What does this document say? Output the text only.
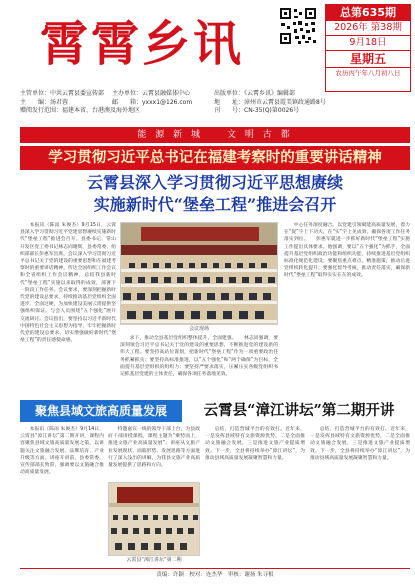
霄霄乡讯
总第635期
2026年 第38期
9月18日
星期五
农历丙午年八月初八日
主管单位：中共云霄县委宣传部	主办单位：云霄县融媒体中心	出版单位：《云霄乡讯》编辑部
主　　编：汤君蓉	邮　　箱：yxxx1@126.com	地　　址：漳州市云霄县霞美镇政通路8号
赠阅发行范围：福建本省、台港澳及海外地区	刊　　号：CN-35(Q)第0026号
能 源 新 城　　文 明 古 都
学习贯彻习近平总书记在福建考察时的重要讲话精神
云霄县深入学习贯彻习近平思想赓续
实施新时代“堡垒工程”推进会召开

本报讯（陈雨 朱俊杰）9月15日，云霄县深入学习贯彻习近平党建思想赓续实施新时代“堡垒工程”推进会召开。县委书记、常山开发区党工委书记林志同谢辉，县委常委、组织部部长彭惠军出席。会议深入学习贯彻习近平总书记关于党的建设的重要思想和在福建考察时的重要讲话精神，传达全国组织工作会议和全省组织工作会议精神，总结我县新时代“堡垒工程”实施以来取得的成效，部署下一阶段工作任务。会议要求，要深刻把握新时代党的建设总要求，持续推动基层党组织全面进步、全面过硬，为加快建设美丽云霄提供坚强组织保证。与会人员围绕“五个强化”展开交流研讨。会议指出，要坚持以习近平新时代中国特色社会主义思想为指导，牢牢把握新时代党的建设总要求，切实增强做好新时代“堡垒工程”的责任感使命感。

会议现场

求下，推动全县基层党组织整体提升，全面建强。　　林志同强调，要深刻领会习近平总书记关于党的建设的重要思想，不断推进党的建设新的伟大工程。要坚持高站位谋划，把新时代“堡垒工程”作为一项重要政治任务抓紧抓实；要坚持高标准推进，以“五个强化”和“两个确保”为目标，全面提升基层党组织的组织力；要坚持严要求落实，压紧压实各级党组织书记抓基层党建的主体责任，确保各项任务落地见效。

中心任务深度融合。以党建引领赋能高质量发展，着力在“促”字上下功夫，在“实”字上见成效，确保各项工作任务落实到位。　　彭惠军就进一步抓好新时代“堡垒工程”实施工作提出具体要求。他强调，要以“五个强化”为抓手，全面提升基层党组织政治功能和组织功能，持续推进基层党组织标准化规范化建设；要聚焦重点难点，精准施策，推动后进党组织转化提升；要强化督导考核，推动责任落实，确保新时代“堡垒工程”取得实实在在的成效。

聚焦县域文旅高质量发展	云霄县“漳江讲坛”第二期开讲

本报讯（陈雨 朱俊杰）9月14日，云霄县“漳江讲坛”第二期开讲，课程内容聚焦县域文旅高质量发展之策，以讲题关注文旅融合发展、品牌培育、产业升级等方面。讲座开讲前，县委常委、宣传部部长致辞，强调要以文旅融合推动高质量发展。

特邀嘉宾一线的领导干部上台，为县政府干部讲授课程，课程主题为“乘势而上，推进文旅产业高质量发展”。讲座从文旅产业发展现状、面临形势、发展思路等方面进行了深入浅出的讲解，为我县文旅产业高质量发展提供了思路和方向。

云霄县“漳江讲坛”第二期

总结，打造营城平台的有效打。近年来，一是发挥县域特有文旅资源优势，二是全面推动文旅融合发展，三是推进文旅产业提质增效。下一步，全县将持续举办“漳江讲坛”，为推动县域高质量发展凝聚智慧和力量。

总结，打造营城平台的有效打。近年来，一是发挥县域特有文旅资源优势，二是全面推动文旅融合发展，三是推进文旅产业提质增效。下一步，全县将持续举办“漳江讲坛”，为推动县域高质量发展凝聚智慧和力量。

责编：许颖　校对：连杰华　审核：谢扬 朱寻根
